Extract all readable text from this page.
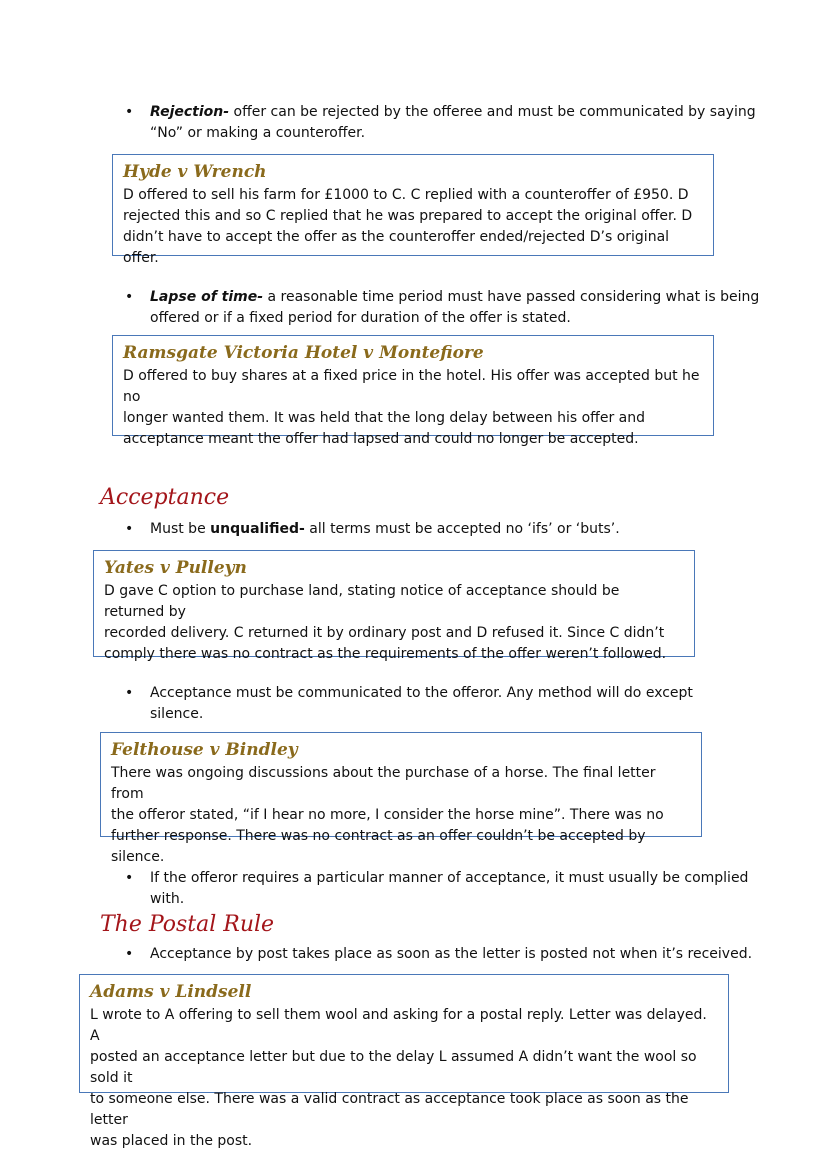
• Rejection- offer can be rejected by the offeree and must be communicated by saying
“No” or making a counteroffer.
Hyde v Wrench
D offered to sell his farm for £1000 to C. C replied with a counteroffer of £950. D
rejected this and so C replied that he was prepared to accept the original offer. D
didn’t have to accept the offer as the counteroffer ended/rejected D’s original offer.
• Lapse of time- a reasonable time period must have passed considering what is being
offered or if a fixed period for duration of the offer is stated.
Ramsgate Victoria Hotel v Montefiore
D offered to buy shares at a fixed price in the hotel. His offer was accepted but he no
longer wanted them. It was held that the long delay between his offer and
acceptance meant the offer had lapsed and could no longer be accepted.
Acceptance
• Must be unqualified- all terms must be accepted no ‘ifs’ or ‘buts’.
Yates v Pulleyn
D gave C option to purchase land, stating notice of acceptance should be returned by
recorded delivery. C returned it by ordinary post and D refused it. Since C didn’t
comply there was no contract as the requirements of the offer weren’t followed.
• Acceptance must be communicated to the offeror. Any method will do except
silence.
Felthouse v Bindley
There was ongoing discussions about the purchase of a horse. The final letter from
the offeror stated, “if I hear no more, I consider the horse mine”. There was no
further response. There was no contract as an offer couldn’t be accepted by silence.
• If the offeror requires a particular manner of acceptance, it must usually be complied
with.
The Postal Rule
• Acceptance by post takes place as soon as the letter is posted not when it’s received.
Adams v Lindsell
L wrote to A offering to sell them wool and asking for a postal reply. Letter was delayed. A
posted an acceptance letter but due to the delay L assumed A didn’t want the wool so sold it
to someone else. There was a valid contract as acceptance took place as soon as the letter
was placed in the post.
